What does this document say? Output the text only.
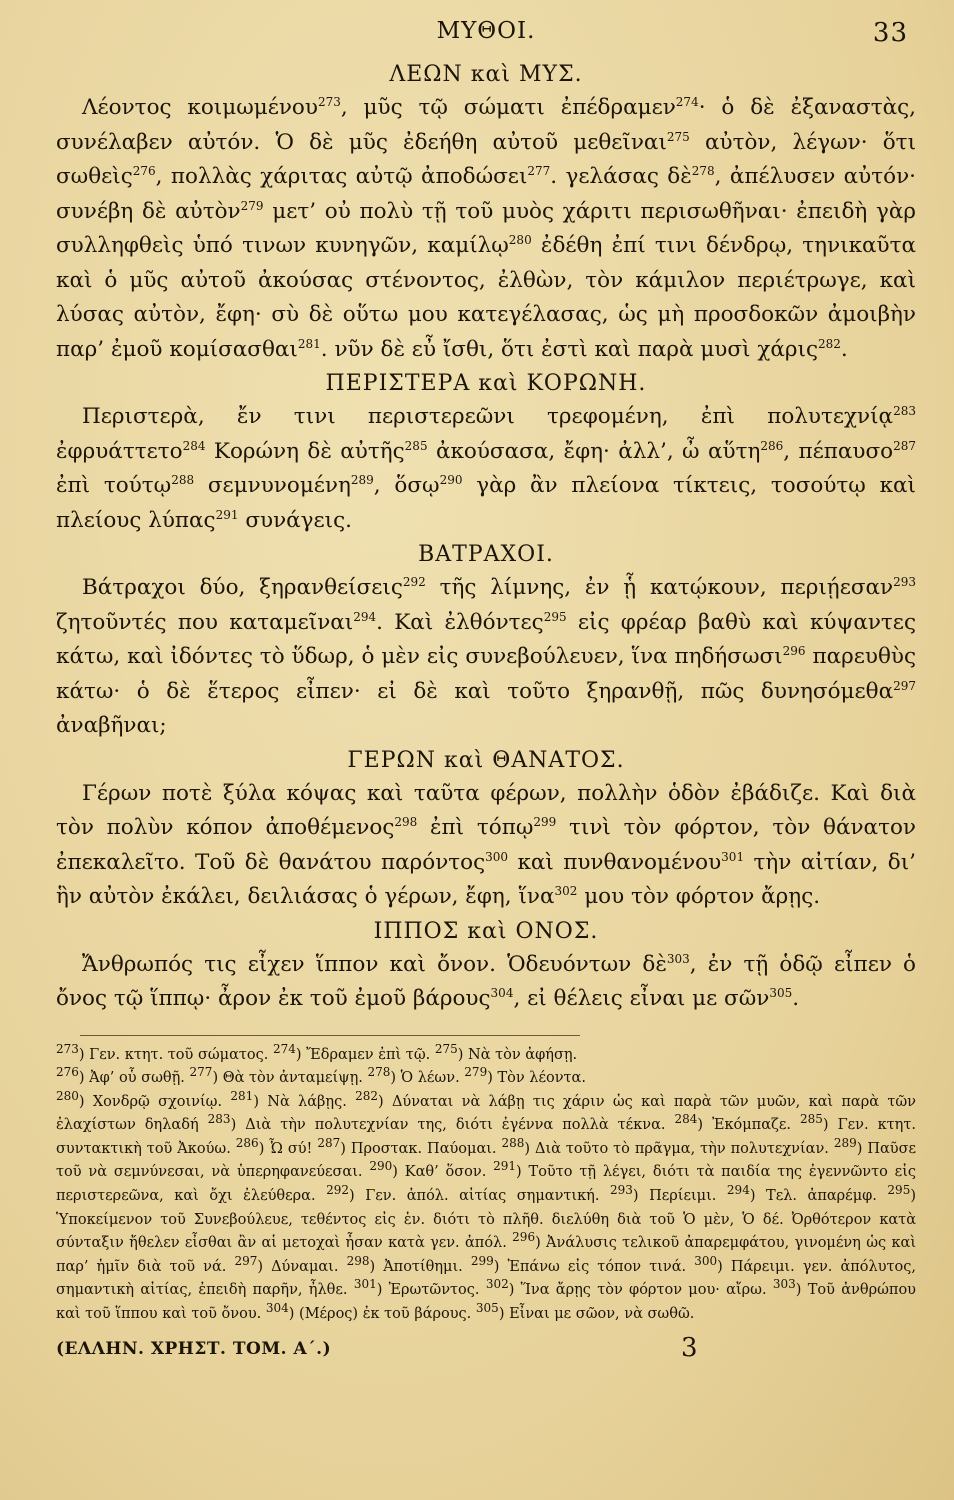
ΜΥΘΟΙ.	33
ΛΕΩΝ καὶ ΜΥΣ.

Λέοντος κοιμωμένου$^{273}$, μῦς τῷ σώματι ἐπέδραμεν$^{274}$· ὁ δὲ ἐξαναστὰς, συνέλαβεν αὐτόν. Ὁ δὲ μῦς ἐδεήθη αὐτοῦ μεθεῖναι$^{275}$ αὐτὸν, λέγων· ὅτι σωθεὶς$^{276}$, πολλὰς χάριτας αὐτῷ ἀποδώσει$^{277}$. γελάσας δὲ$^{278}$, ἀπέλυσεν αὐτόν· συνέβη δὲ αὐτὸν$^{279}$ μετ’ οὐ πολὺ τῇ τοῦ μυὸς χάριτι περισωθῆναι· ἐπειδὴ γὰρ συλληφθεὶς ὑπό τινων κυνηγῶν, καμίλῳ$^{280}$ ἐδέθη ἐπί τινι δένδρῳ, τηνικαῦτα καὶ ὁ μῦς αὐτοῦ ἀκούσας στένοντος, ἐλθὼν, τὸν κάμιλον περιέτρωγε, καὶ λύσας αὐτὸν, ἔφη· σὺ δὲ οὕτω μου κατεγέλασας, ὡς μὴ προσδοκῶν ἀμοιβὴν παρ’ ἐμοῦ κομίσασθαι$^{281}$. νῦν δὲ εὖ ἴσθι, ὅτι ἐστὶ καὶ παρὰ μυσὶ χάρις$^{282}$.

ΠΕΡΙΣΤΕΡΑ καὶ ΚΟΡΩΝΗ.

Περιστερὰ, ἔν τινι περιστερεῶνι τρεφομένη, ἐπὶ πολυτεχνίᾳ$^{283}$ ἐφρυάττετο$^{284}$ Κορώνη δὲ αὐτῆς$^{285}$ ἀκούσασα, ἔφη· ἀλλ’, ὦ αὕτη$^{286}$, πέπαυσο$^{287}$ ἐπὶ τούτῳ$^{288}$ σεμνυνομένη$^{289}$, ὅσῳ$^{290}$ γὰρ ἂν πλείονα τίκτεις, τοσούτῳ καὶ πλείους λύπας$^{291}$ συνάγεις.

ΒΑΤΡΑΧΟΙ.

Βάτραχοι δύο, ξηρανθείσεις$^{292}$ τῆς λίμνης, ἐν ᾗ κατῴκουν, περιῄεσαν$^{293}$ ζητοῦντές που καταμεῖναι$^{294}$. Καὶ ἐλθόντες$^{295}$ εἰς φρέαρ βαθὺ καὶ κύψαντες κάτω, καὶ ἰδόντες τὸ ὕδωρ, ὁ μὲν εἰς συνεβούλευεν, ἵνα πηδήσωσι$^{296}$ παρευθὺς κάτω· ὁ δὲ ἕτερος εἶπεν· εἰ δὲ καὶ τοῦτο ξηρανθῇ, πῶς δυνησόμεθα$^{297}$ ἀναβῆναι;

ΓΕΡΩΝ καὶ ΘΑΝΑΤΟΣ.

Γέρων ποτὲ ξύλα κόψας καὶ ταῦτα φέρων, πολλὴν ὁδὸν ἐβάδιζε. Καὶ διὰ τὸν πολὺν κόπον ἀποθέμενος$^{298}$ ἐπὶ τόπῳ$^{299}$ τινὶ τὸν φόρτον, τὸν θάνατον ἐπεκαλεῖτο. Τοῦ δὲ θανάτου παρόντος$^{300}$ καὶ πυνθανομένου$^{301}$ τὴν αἰτίαν, δι’ ἣν αὐτὸν ἐκάλει, δειλιάσας ὁ γέρων, ἔφη, ἵνα$^{302}$ μου τὸν φόρτον ἄρῃς.

ΙΠΠΟΣ καὶ ΟΝΟΣ.

Ἄνθρωπός τις εἶχεν ἵππον καὶ ὄνον. Ὁδευόντων δὲ$^{303}$, ἐν τῇ ὁδῷ εἶπεν ὁ ὄνος τῷ ἵππῳ· ἆρον ἐκ τοῦ ἐμοῦ βάρους$^{304}$, εἰ θέλεις εἶναι με σῶν$^{305}$.

$^{273}$) Γεν. κτητ. τοῦ σώματος. $^{274}$) Ἔδραμεν ἐπὶ τῷ. $^{275}$) Νὰ τὸν ἀφήσῃ.

$^{276}$) Ἀφ’ οὗ σωθῇ. $^{277}$) Θὰ τὸν ἀνταμείψῃ. $^{278}$) Ὁ λέων. $^{279}$) Τὸν λέοντα.

$^{280}$) Χονδρῷ σχοινίῳ. $^{281}$) Νὰ λάβῃς. $^{282}$) Δύναται νὰ λάβῃ τις χάριν ὡς καὶ παρὰ τῶν μυῶν, καὶ παρὰ τῶν ἐλαχίστων δηλαδή $^{283}$) Διὰ τὴν πολυτεχνίαν της, διότι ἐγέννα πολλὰ τέκνα. $^{284}$) Ἐκόμπαζε. $^{285}$) Γεν. κτητ. συντακτικὴ τοῦ Ἀκούω. $^{286}$) Ὦ σύ! $^{287}$) Προστακ. Παύομαι. $^{288}$) Διὰ τοῦτο τὸ πρᾶγμα, τὴν πολυτεχνίαν. $^{289}$) Παῦσε τοῦ νὰ σεμνύνεσαι, νὰ ὑπερηφανεύεσαι. $^{290}$) Καθ’ ὅσον. $^{291}$) Τοῦτο τῇ λέγει, διότι τὰ παιδία της ἐγεννῶντο εἰς περιστερεῶνα, καὶ ὄχι ἐλεύθερα. $^{292}$) Γεν. ἀπόλ. αἰτίας σημαντική. $^{293}$) Περίειμι. $^{294}$) Τελ. ἀπαρέμφ. $^{295}$) Ὑποκείμενον τοῦ Συνεβούλευε, τεθέντος εἰς ἑν. διότι τὸ πλῆθ. διελύθη διὰ τοῦ Ὁ μὲν, Ὁ δέ. Ὀρθότερον κατὰ σύνταξιν ἤθελεν εἶσθαι ἂν αἱ μετοχαὶ ἦσαν κατὰ γεν. ἀπόλ. $^{296}$) Ἀνάλυσις τελικοῦ ἀπαρεμφάτου, γινομένη ὡς καὶ παρ’ ἡμῖν διὰ τοῦ νά. $^{297}$) Δύναμαι. $^{298}$) Ἀποτίθημι. $^{299}$) Ἐπάνω εἰς τόπον τινά. $^{300}$) Πάρειμι. γεν. ἀπόλυτος, σημαντικὴ αἰτίας, ἐπειδὴ παρῆν, ἦλθε. $^{301}$) Ἐρωτῶντος. $^{302}$) Ἵνα ἄρῃς τὸν φόρτον μου· αἴρω. $^{303}$) Τοῦ ἀνθρώπου καὶ τοῦ ἵππου καὶ τοῦ ὄνου. $^{304}$) (Μέρος) ἐκ τοῦ βάρους. $^{305}$) Εἶναι με σῶον, νὰ σωθῶ.

(ΕΛΛΗΝ. ΧΡΗΣΤ. ΤΟΜ. Α΄.)	3
